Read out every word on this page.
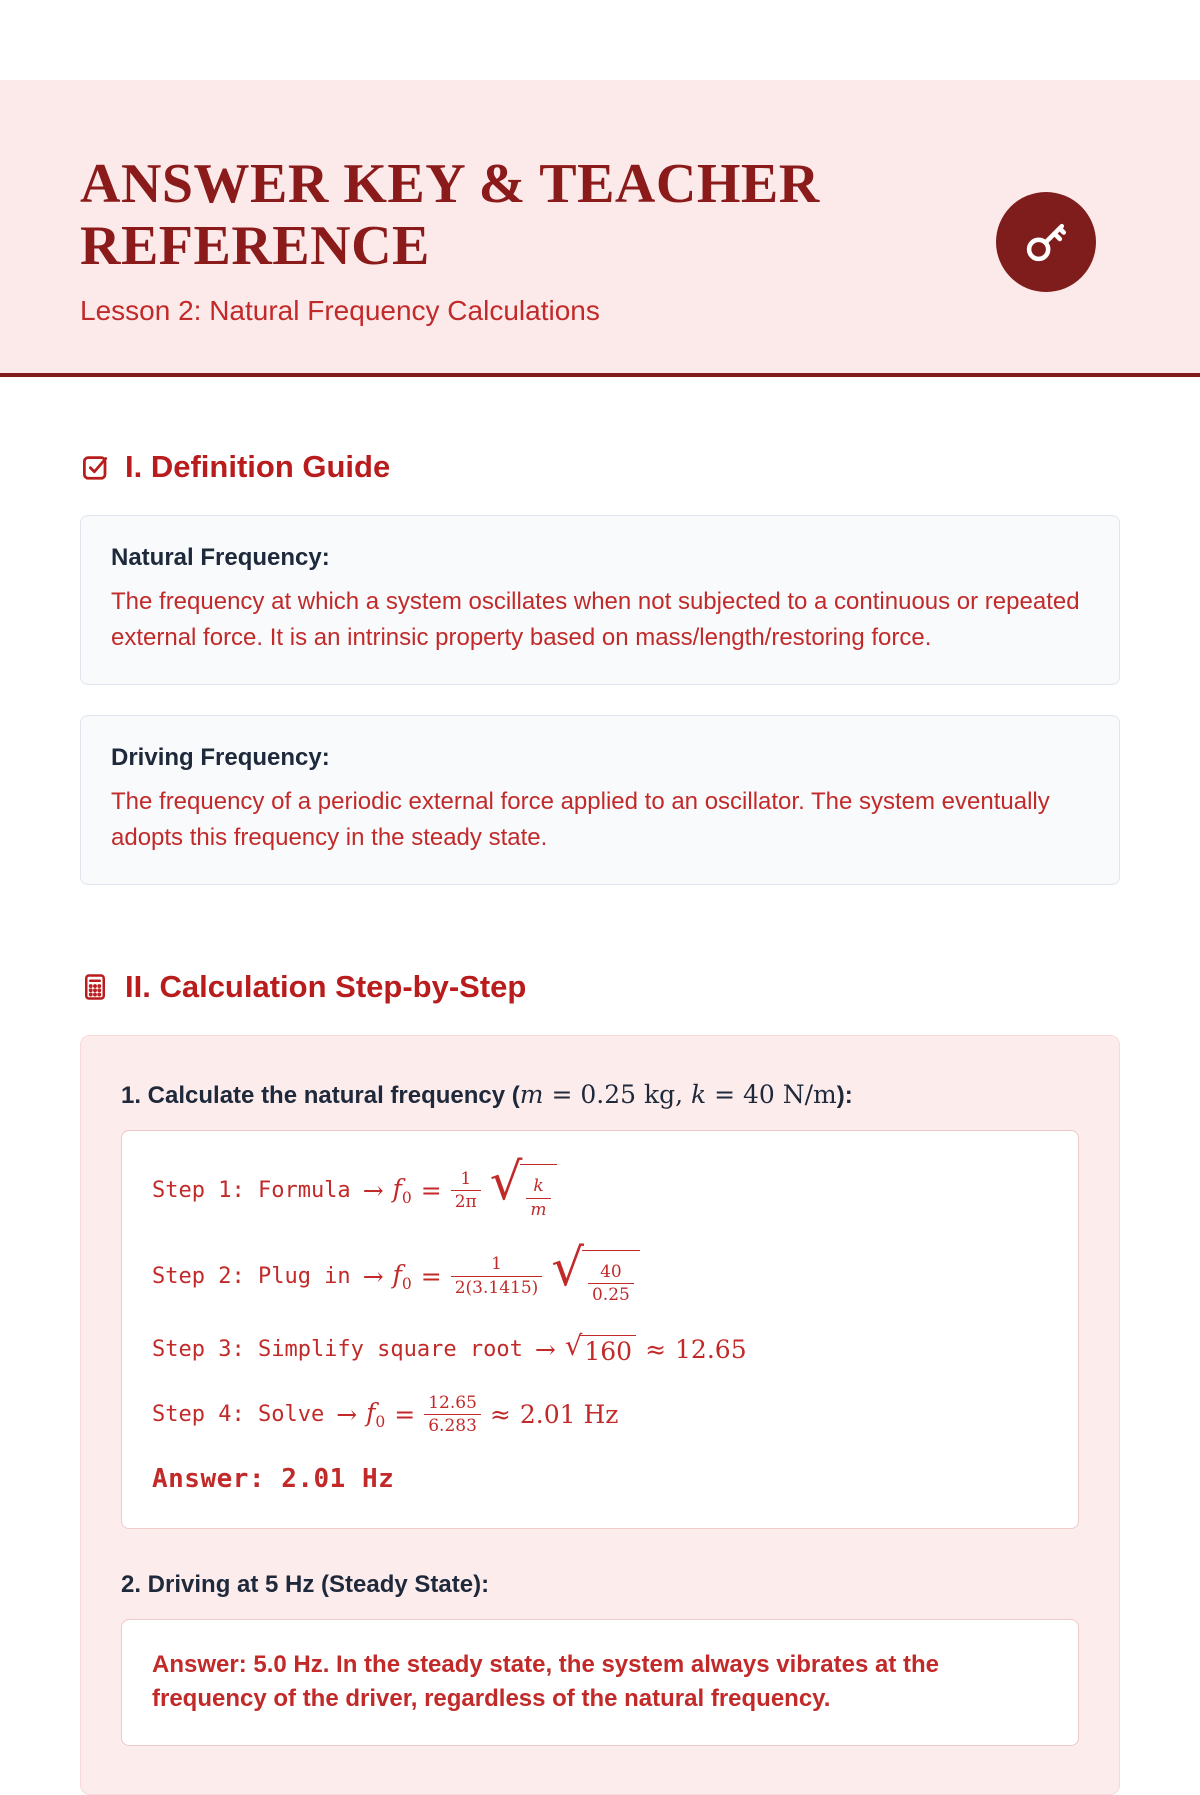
ANSWER KEY & TEACHER
REFERENCE

Lesson 2: Natural Frequency Calculations

I. Definition Guide

Natural Frequency:

The frequency at which a system oscillates when not subjected to a continuous or repeated external force. It is an intrinsic property based on mass/length/restoring force.

Driving Frequency:

The frequency of a periodic external force applied to an oscillator. The system eventually adopts this frequency in the steady state.

II. Calculation Step-by-Step

1. Calculate the natural frequency (m = 0.25 kg, k = 40 N/m):

Step 1: Formula → $f_0 = \frac{1}{2\pi}$ √ $\frac{k}{m}$
Step 2: Plug in → $f_0 = \frac{1}{2(3.1415)}$ √ $\frac{40}{0.25}$
Step 3: Simplify square root → √ 160 ≈ 12.65
Step 4: Solve → $f_0 = \frac{12.65}{6.283} \approx 2.01$ Hz
Answer: 2.01 Hz

2. Driving at 5 Hz (Steady State):

Answer: 5.0 Hz. In the steady state, the system always vibrates at the frequency of the driver, regardless of the natural frequency.
